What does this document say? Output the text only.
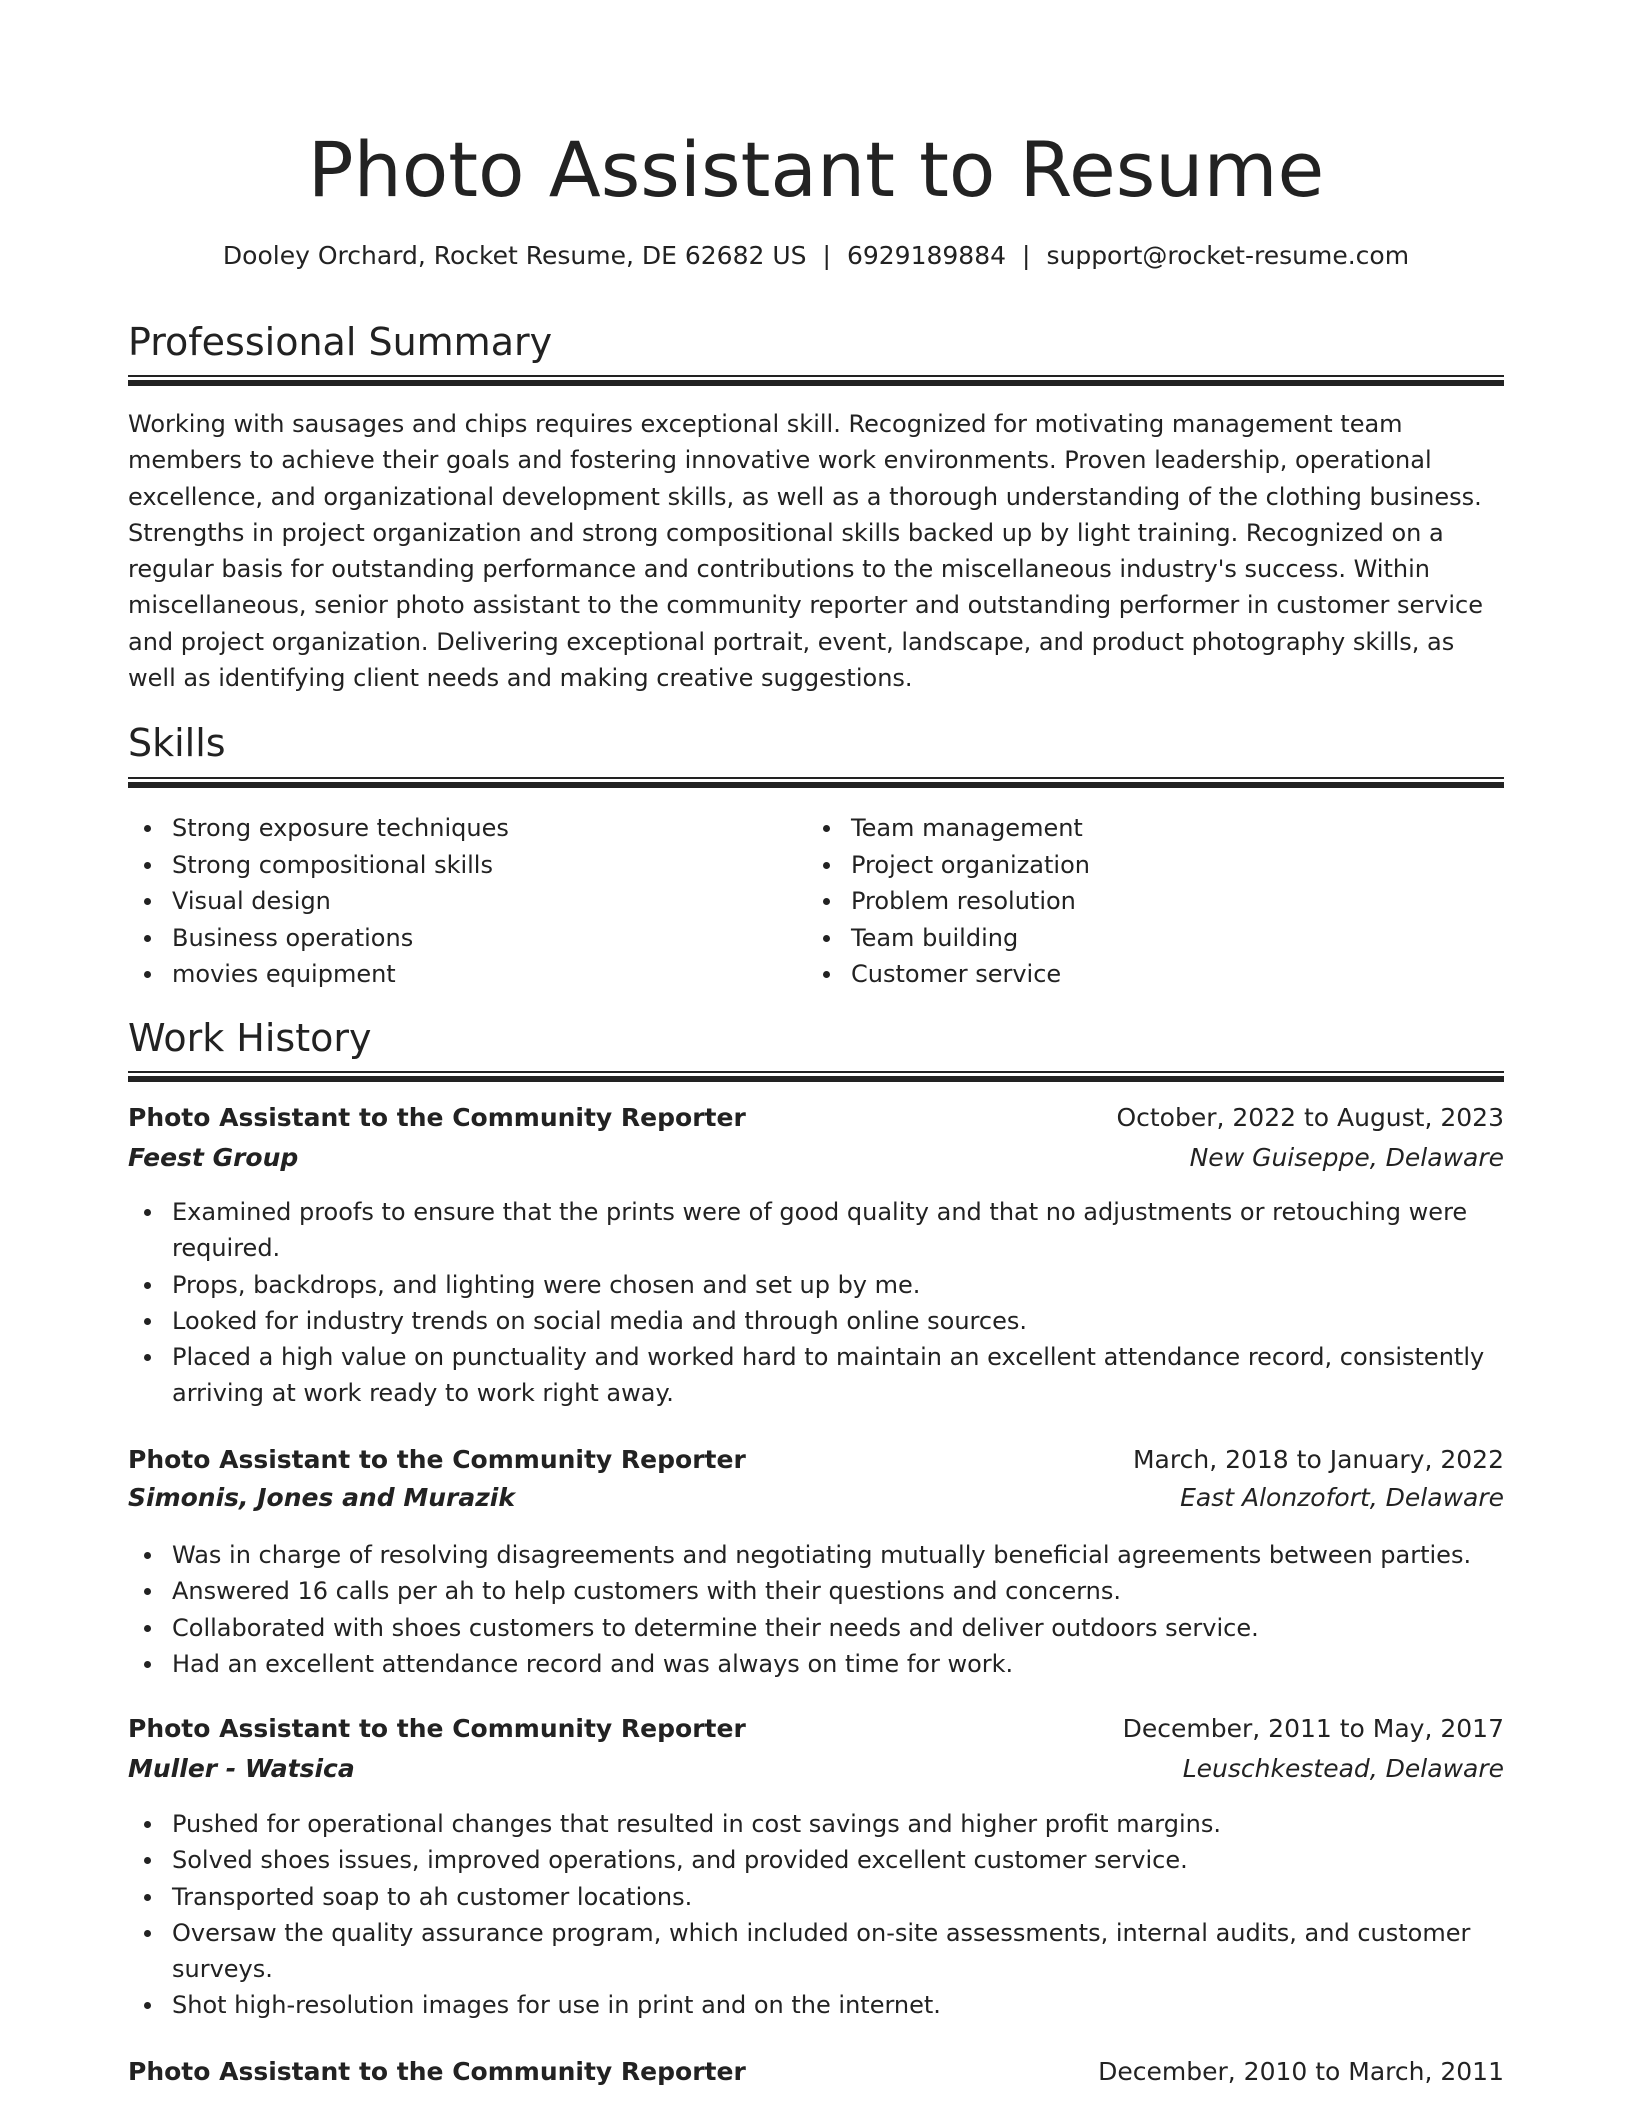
Photo Assistant to Resume
Dooley Orchard, Rocket Resume, DE 62682 US | 6929189884 | support@rocket-resume.com
Professional Summary

Working with sausages and chips requires exceptional skill. Recognized for motivating management team members to achieve their goals and fostering innovative work environments. Proven leadership, operational excellence, and organizational development skills, as well as a thorough understanding of the clothing business. Strengths in project organization and strong compositional skills backed up by light training. Recognized on a regular basis for outstanding performance and contributions to the miscellaneous industry's success. Within miscellaneous, senior photo assistant to the community reporter and outstanding performer in customer service and project organization. Delivering exceptional portrait, event, landscape, and product photography skills, as well as identifying client needs and making creative suggestions.

Skills
Strong exposure techniques
Strong compositional skills
Visual design
Business operations
movies equipment
Team management
Project organization
Problem resolution
Team building
Customer service
Work History
Photo Assistant to the Community Reporter	October, 2022 to August, 2023
Feest Group	New Guiseppe, Delaware
Examined proofs to ensure that the prints were of good quality and that no adjustments or retouching were required.
Props, backdrops, and lighting were chosen and set up by me.
Looked for industry trends on social media and through online sources.
Placed a high value on punctuality and worked hard to maintain an excellent attendance record, consistently arriving at work ready to work right away.
Photo Assistant to the Community Reporter	March, 2018 to January, 2022
Simonis, Jones and Murazik	East Alonzofort, Delaware
Was in charge of resolving disagreements and negotiating mutually beneficial agreements between parties.
Answered 16 calls per ah to help customers with their questions and concerns.
Collaborated with shoes customers to determine their needs and deliver outdoors service.
Had an excellent attendance record and was always on time for work.
Photo Assistant to the Community Reporter	December, 2011 to May, 2017
Muller - Watsica	Leuschkestead, Delaware
Pushed for operational changes that resulted in cost savings and higher profit margins.
Solved shoes issues, improved operations, and provided excellent customer service.
Transported soap to ah customer locations.
Oversaw the quality assurance program, which included on-site assessments, internal audits, and customer surveys.
Shot high-resolution images for use in print and on the internet.
Photo Assistant to the Community Reporter	December, 2010 to March, 2011
